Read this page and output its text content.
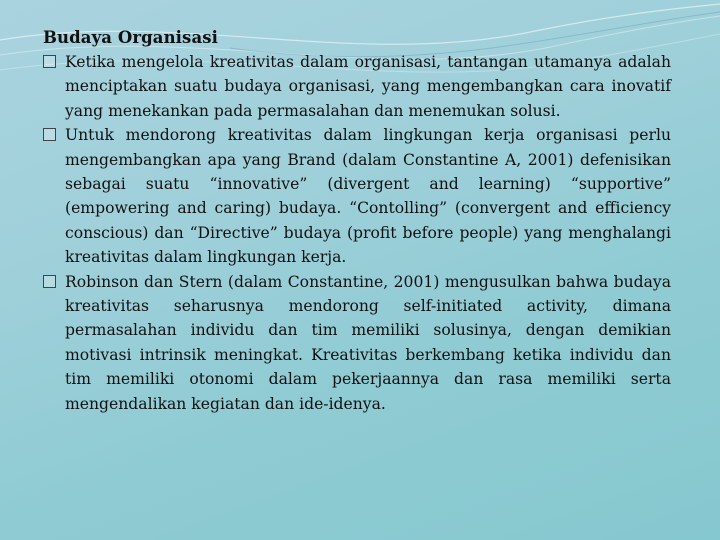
Budaya Organisasi
Ketika mengelola kreativitas dalam organisasi, tantangan utamanya adalah menciptakan suatu budaya organisasi, yang mengembangkan cara inovatif yang menekankan pada permasalahan dan menemukan solusi.
Untuk mendorong kreativitas dalam lingkungan kerja organisasi perlu mengembangkan apa yang Brand (dalam Constantine A, 2001) defenisikan sebagai suatu “innovative” (divergent and learning) “supportive” (empowering and caring) budaya. “Contolling” (convergent and efficiency conscious) dan “Directive” budaya (profit before people) yang menghalangi kreativitas dalam lingkungan kerja.
Robinson dan Stern (dalam Constantine, 2001) mengusulkan bahwa budaya kreativitas seharusnya mendorong self-initiated activity, dimana permasalahan individu dan tim memiliki solusinya, dengan demikian motivasi intrinsik meningkat. Kreativitas berkembang ketika individu dan tim memiliki otonomi dalam pekerjaannya dan rasa memiliki serta mengendalikan kegiatan dan ide-idenya.
